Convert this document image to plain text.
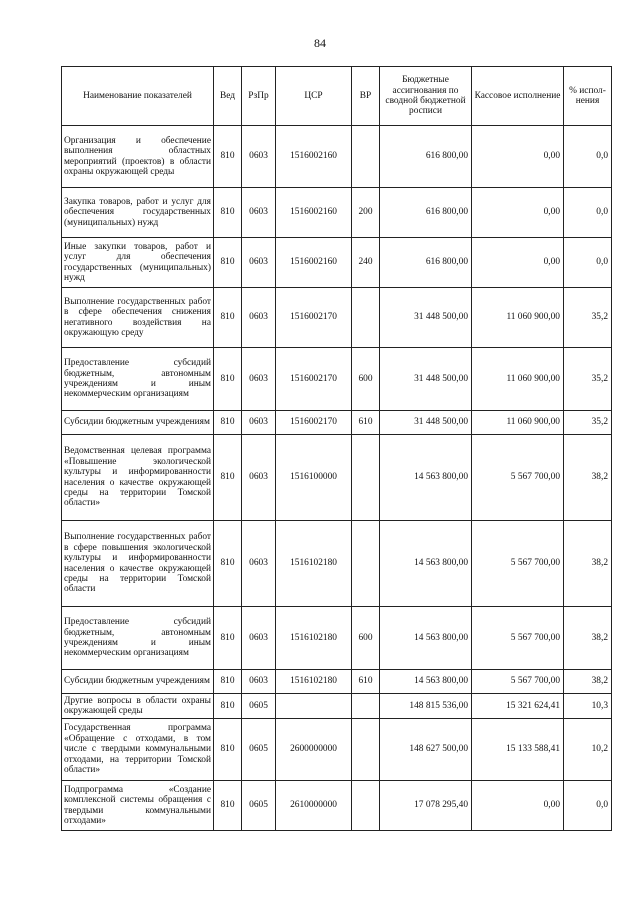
84
Наименование показателей	Вед	РзПр	ЦСР	ВР	Бюджетные ассигнования по сводной бюджетной росписи	Кассовое исполнение	% испол-нения
Организация и обеспечение выполнения областных мероприятий (проектов) в области охраны окружающей среды	810	0603	1516002160		616 800,00	0,00	0,0
Закупка товаров, работ и услуг для обеспечения государственных (муниципальных) нужд	810	0603	1516002160	200	616 800,00	0,00	0,0
Иные закупки товаров, работ и услуг для обеспечения государственных (муниципальных) нужд	810	0603	1516002160	240	616 800,00	0,00	0,0
Выполнение государственных работ в сфере обеспечения снижения негативного воздействия на окружающую среду	810	0603	1516002170		31 448 500,00	11 060 900,00	35,2
Предоставление субсидий бюджетным, автономным учреждениям и иным некоммерческим организациям	810	0603	1516002170	600	31 448 500,00	11 060 900,00	35,2
Субсидии бюджетным учреждениям	810	0603	1516002170	610	31 448 500,00	11 060 900,00	35,2
Ведомственная целевая программа «Повышение экологической культуры и информированности населения о качестве окружающей среды на территории Томской области»	810	0603	1516100000		14 563 800,00	5 567 700,00	38,2
Выполнение государственных работ в сфере повышения экологической культуры и информированности населения о качестве окружающей среды на территории Томской области	810	0603	1516102180		14 563 800,00	5 567 700,00	38,2
Предоставление субсидий бюджетным, автономным учреждениям и иным некоммерческим организациям	810	0603	1516102180	600	14 563 800,00	5 567 700,00	38,2
Субсидии бюджетным учреждениям	810	0603	1516102180	610	14 563 800,00	5 567 700,00	38,2
Другие вопросы в области охраны окружающей среды	810	0605			148 815 536,00	15 321 624,41	10,3
Государственная программа «Обращение с отходами, в том числе с твердыми коммунальными отходами, на территории Томской области»	810	0605	2600000000		148 627 500,00	15 133 588,41	10,2
Подпрограмма «Создание комплексной системы обращения с твердыми коммунальными отходами»	810	0605	2610000000		17 078 295,40	0,00	0,0
